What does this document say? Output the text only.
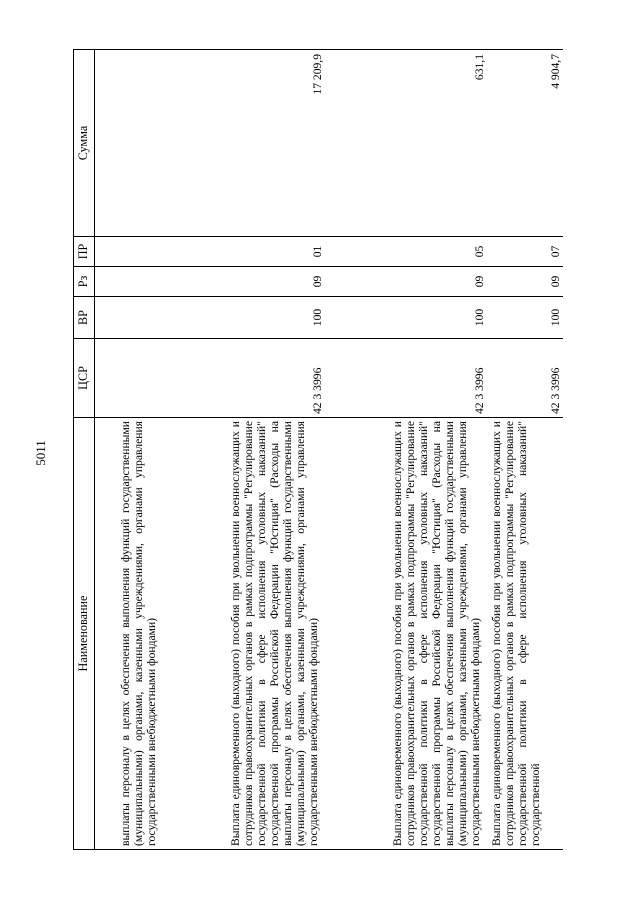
5011
Наименование	ЦСР	ВР	Рз	ПР	Сумма
выплаты персоналу в целях обеспечения выполнения функций государственными (муниципальными) органами, казенными учреждениями, органами управления государственными внебюджетными фондами)					
Выплата единовременного (выходного) пособия при увольнении военнослужащих и сотрудников правоохранительных органов в рамках подпрограммы "Регулирование государственной политики в сфере исполнения уголовных наказаний" государственной программы Российской Федерации "Юстиция" (Расходы на выплаты персоналу в целях обеспечения выполнения функций государственными (муниципальными) органами, казенными учреждениями, органами управления государственными внебюджетными фондами)	42 3 3996	100	09	01	17 209,9
Выплата единовременного (выходного) пособия при увольнении военнослужащих и сотрудников правоохранительных органов в рамках подпрограммы "Регулирование государственной политики в сфере исполнения уголовных наказаний" государственной программы Российской Федерации "Юстиция" (Расходы на выплаты персоналу в целях обеспечения выполнения функций государственными (муниципальными) органами, казенными учреждениями, органами управления государственными внебюджетными фондами)	42 3 3996	100	09	05	631,1
Выплата единовременного (выходного) пособия при увольнении военнослужащих и сотрудников правоохранительных органов в рамках подпрограммы "Регулирование государственной политики в сфере исполнения уголовных наказаний" государственной	42 3 3996	100	09	07	4 904,7
